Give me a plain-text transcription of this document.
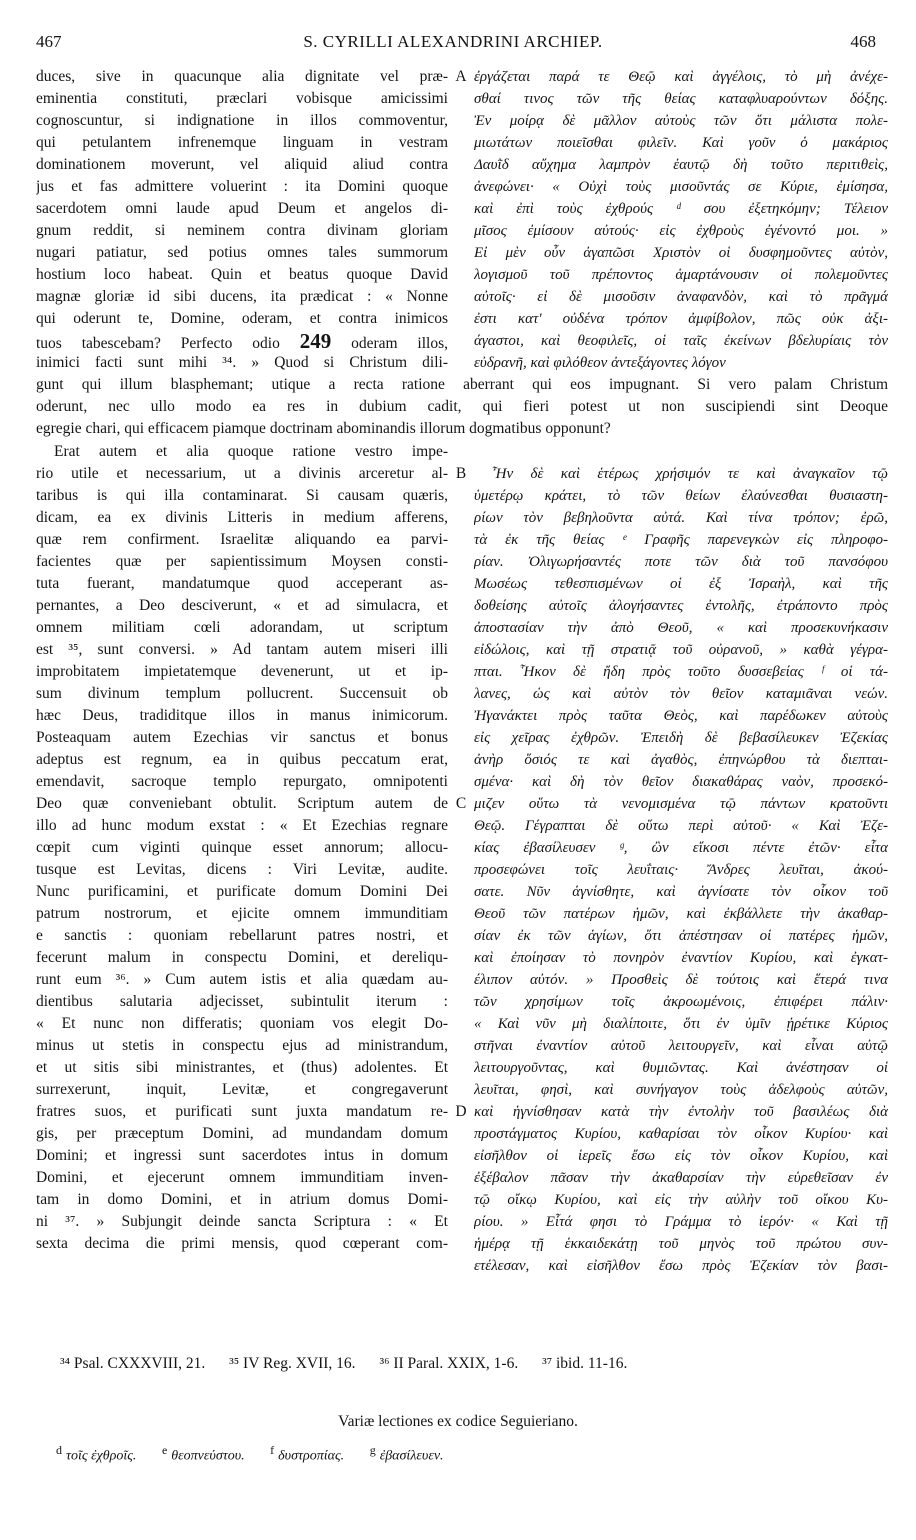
467	S. CYRILLI ALEXANDRINI ARCHIEP.	468
duces, sive in quacunque alia dignitate vel præ-
eminentia constituti, præclari vobisque amicissimi
cognoscuntur, si indignatione in illos commoventur,
qui petulantem infrenemque linguam in vestram
dominationem moverunt, vel aliquid aliud contra
jus et fas admittere voluerint : ita Domini quoque
sacerdotem omni laude apud Deum et angelos di-
gnum reddit, si neminem contra divinam gloriam
nugari patiatur, sed potius omnes tales summorum
hostium loco habeat. Quin et beatus quoque David
magnæ gloriæ id sibi ducens, ita prædicat : « Nonne
qui oderunt te, Domine, oderam, et contra inimicos
tuos tabescebam? Perfecto odio 249 oderam illos,
inimici facti sunt mihi ³⁴. » Quod si Christum dili-
A ἐργάζεται παρά τε Θεῷ καὶ ἀγγέλοις, τὸ μὴ ἀνέχε-
σθαί τινος τῶν τῆς θείας καταφλυαρούντων δόξης.
Ἐν μοίρᾳ δὲ μᾶλλον αὐτοὺς τῶν ὅτι μάλιστα πολε-
μιωτάτων ποιεῖσθαι φιλεῖν. Καὶ γοῦν ὁ μακάριος
Δαυῒδ αὔχημα λαμπρὸν ἑαυτῷ δὴ τοῦτο περιτιθεὶς,
ἀνεφώνει· « Οὐχὶ τοὺς μισοῦντάς σε Κύριε, ἐμίσησα,
καὶ ἐπὶ τοὺς ἐχθρούς ᵈ σου ἐξετηκόμην; Τέλειον
μῖσος ἐμίσουν αὐτούς· εἰς ἐχθροὺς ἐγένοντό μοι. »
Εἰ μὲν οὖν ἀγαπῶσι Χριστὸν οἱ δυσφημοῦντες αὐτὸν,
λογισμοῦ τοῦ πρέποντος ἁμαρτάνουσιν οἱ πολεμοῦντες
αὐτοῖς· εἰ δὲ μισοῦσιν ἀναφανδὸν, καὶ τὸ πρᾶγμά
ἐστι κατ' οὐδένα τρόπον ἀμφίβολον, πῶς οὐκ ἀξι-
άγαστοι, καὶ θεοφιλεῖς, οἱ ταῖς ἐκείνων βδελυρίαις τὸν
εὐδρανῆ, καὶ φιλόθεον ἀντεξάγοντες λόγον
gunt qui illum blasphemant; utique a recta ratione aberrant qui eos impugnant. Si vero palam Christum
oderunt, nec ullo modo ea res in dubium cadit, qui fieri potest ut non suscipiendi sint Deoque
egregie chari, qui efficacem piamque doctrinam abominandis illorum dogmatibus opponunt?
Erat autem et alia quoque ratione vestro impe-
rio utile et necessarium, ut a divinis arceretur al-
taribus is qui illa contaminarat. Si causam quæris,
dicam, ea ex divinis Litteris in medium afferens,
quæ rem confirment. Israelitæ aliquando ea parvi-
facientes quæ per sapientissimum Moysen consti-
tuta fuerant, mandatumque quod acceperant as-
pernantes, a Deo desciverunt, « et ad simulacra, et
omnem militiam cœli adorandam, ut scriptum
est ³⁵, sunt conversi. » Ad tantam autem miseri illi
improbitatem impietatemque devenerunt, ut et ip-
sum divinum templum pollucrent. Succensuit ob
hæc Deus, tradiditque illos in manus inimicorum.
Posteaquam autem Ezechias vir sanctus et bonus
adeptus est regnum, ea in quibus peccatum erat,
emendavit, sacroque templo repurgato, omnipotenti
Deo quæ conveniebant obtulit. Scriptum autem de
illo ad hunc modum exstat : « Et Ezechias regnare
cœpit cum viginti quinque esset annorum; allocu-
tusque est Levitas, dicens : Viri Levitæ, audite.
Nunc purificamini, et purificate domum Domini Dei
patrum nostrorum, et ejicite omnem immunditiam
e sanctis : quoniam rebellarunt patres nostri, et
fecerunt malum in conspectu Domini, et dereliqu-
runt eum ³⁶. » Cum autem istis et alia quædam au-
dientibus salutaria adjecisset, subintulit iterum :
« Et nunc non differatis; quoniam vos elegit Do-
minus ut stetis in conspectu ejus ad ministrandum,
et ut sitis sibi ministrantes, et (thus) adolentes. Et
surrexerunt, inquit, Levitæ, et congregaverunt
fratres suos, et purificati sunt juxta mandatum re-
gis, per præceptum Domini, ad mundandam domum
Domini; et ingressi sunt sacerdotes intus in domum
Domini, et ejecerunt omnem immunditiam inven-
tam in domo Domini, et in atrium domus Domi-
ni ³⁷. » Subjungit deinde sancta Scriptura : « Et
sexta decima die primi mensis, quod cœperant com-
B
C
D
Ἦν δὲ καὶ ἑτέρως χρήσιμόν τε καὶ ἀναγκαῖον τῷ
ὑμετέρῳ κράτει, τὸ τῶν θείων ἐλαύνεσθαι θυσιαστη-
ρίων τὸν βεβηλοῦντα αὐτά. Καὶ τίνα τρόπον; ἐρῶ,
τὰ ἐκ τῆς θείας ᵉ Γραφῆς παρενεγκὼν εἰς πληροφο-
ρίαν. Ὀλιγωρήσαντές ποτε τῶν διὰ τοῦ πανσόφου
Μωσέως τεθεσπισμένων οἱ ἐξ Ἰσραὴλ, καὶ τῆς
δοθείσης αὐτοῖς ἀλογήσαντες ἐντολῆς, ἐτράποντο πρὸς
ἀποστασίαν τὴν ἀπὸ Θεοῦ, « καὶ προσεκυνήκασιν
εἰδώλοις, καὶ τῇ στρατιᾷ τοῦ οὐρανοῦ, » καθὰ γέγρα-
πται. Ἧκον δὲ ἤδη πρὸς τοῦτο δυσσεβείας ᶠ οἱ τά-
λανες, ὡς καὶ αὐτὸν τὸν θεῖον καταμιᾶναι νεών.
Ἠγανάκτει πρὸς ταῦτα Θεὸς, καὶ παρέδωκεν αὐτοὺς
εἰς χεῖρας ἐχθρῶν. Ἐπειδὴ δὲ βεβασίλευκεν Ἐζεκίας
ἀνὴρ ὅσιός τε καὶ ἀγαθὸς, ἐπηνώρθου τὰ διεπται-
σμένα· καὶ δὴ τὸν θεῖον διακαθάρας ναὸν, προσεκό-
μιζεν οὕτω τὰ νενομισμένα τῷ πάντων κρατοῦντι
Θεῷ. Γέγραπται δὲ οὕτω περὶ αὐτοῦ· « Καὶ Ἐζε-
κίας ἐβασίλευσεν ᵍ, ὢν εἴκοσι πέντε ἐτῶν· εἶτα
προσεφώνει τοῖς λευΐταις· Ἄνδρες λευῖται, ἀκού-
σατε. Νῦν ἁγνίσθητε, καὶ ἁγνίσατε τὸν οἶκον τοῦ
Θεοῦ τῶν πατέρων ἡμῶν, καὶ ἐκβάλλετε τὴν ἀκαθαρ-
σίαν ἐκ τῶν ἁγίων, ὅτι ἀπέστησαν οἱ πατέρες ἡμῶν,
καὶ ἐποίησαν τὸ πονηρὸν ἐναντίον Κυρίου, καὶ ἐγκατ-
έλιπον αὐτόν. » Προσθεὶς δὲ τούτοις καὶ ἕτερά τινα
τῶν χρησίμων τοῖς ἀκροωμένοις, ἐπιφέρει πάλιν·
« Καὶ νῦν μὴ διαλίποιτε, ὅτι ἐν ὑμῖν ᾑρέτικε Κύριος
στῆναι ἐναντίον αὐτοῦ λειτουργεῖν, καὶ εἶναι αὐτῷ
λειτουργοῦντας, καὶ θυμιῶντας. Καὶ ἀνέστησαν οἱ
λευῖται, φησὶ, καὶ συνήγαγον τοὺς ἀδελφοὺς αὐτῶν,
καὶ ἡγνίσθησαν κατὰ τὴν ἐντολὴν τοῦ βασιλέως διὰ
προστάγματος Κυρίου, καθαρίσαι τὸν οἶκον Κυρίου· καὶ
εἰσῆλθον οἱ ἱερεῖς ἔσω εἰς τὸν οἶκον Κυρίου, καὶ
ἐξέβαλον πᾶσαν τὴν ἀκαθαρσίαν τὴν εὑρεθεῖσαν ἐν
τῷ οἴκῳ Κυρίου, καὶ εἰς τὴν αὐλὴν τοῦ οἴκου Κυ-
ρίου. » Εἶτά φησι τὸ Γράμμα τὸ ἱερόν· « Καὶ τῇ
ἡμέρᾳ τῇ ἑκκαιδεκάτῃ τοῦ μηνὸς τοῦ πρώτου συν-
ετέλεσαν, καὶ εἰσῆλθον ἔσω πρὸς Ἐζεκίαν τὸν βασι-
³⁴ Psal. CXXXVIII, 21. ³⁵ IV Reg. XVII, 16. ³⁶ II Paral. XXIX, 1-6. ³⁷ ibid. 11-16.
Variæ lectiones ex codice Seguieriano.
d τοῖς ἐχθροῖς. e θεοπνεύστου. f δυστροπίας. g ἐβασίλευεν.
